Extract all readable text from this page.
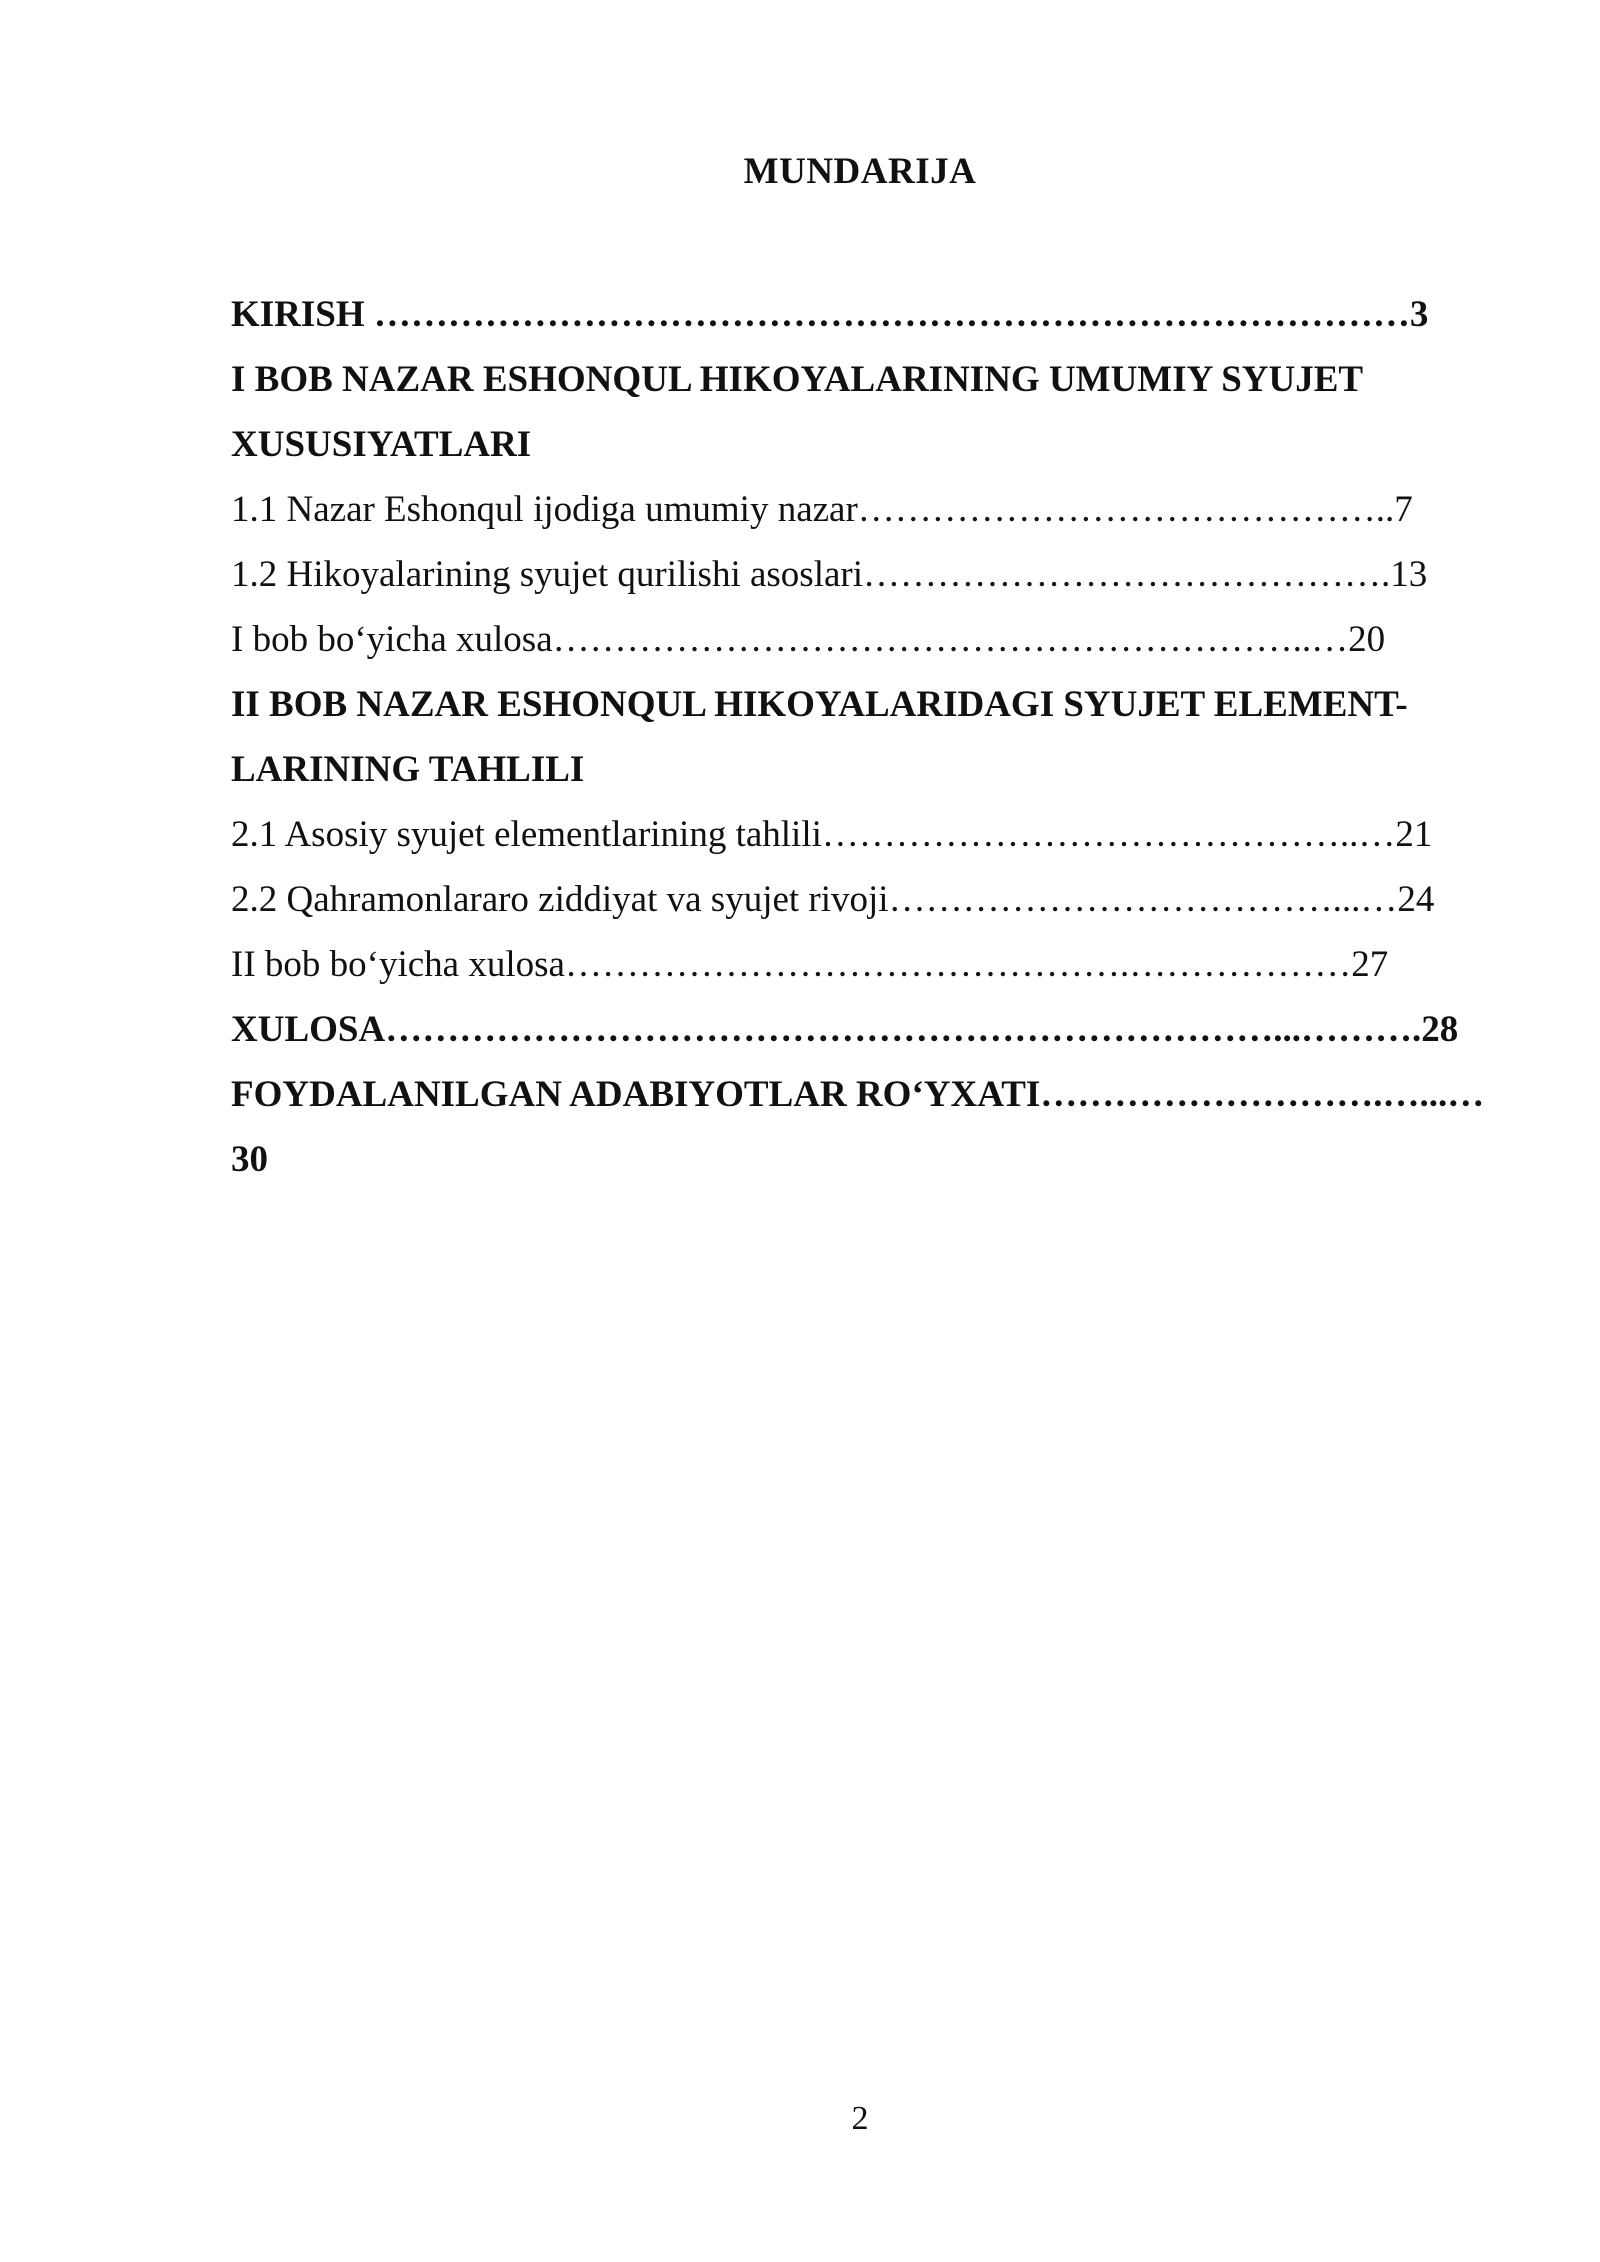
MUNDARIJA
KIRISH …………………………………………………………………………3
I BOB NAZAR ESHONQUL HIKOYALARINING UMUMIY SYUJET
XUSUSIYATLARI
1.1 Nazar Eshonqul ijodiga umumiy nazar……………………………………..7
1.2 Hikoyalarining syujet qurilishi asoslari…………………………………….13
I bob bo‘yicha xulosa……………………………………………………..…20
II BOB NAZAR ESHONQUL HIKOYALARIDAGI SYUJET ELEMENT-
LARINING TAHLILI
2.1 Asosiy syujet elementlarining tahlili……………………………………..…21
2.2 Qahramonlararo ziddiyat va syujet rivoji………………………………...…24
II bob bo‘yicha xulosa……………………………………….………………27
XULOSA………………………………………………………………...……….28
FOYDALANILGAN ADABIYOTLAR RO‘YXATI……………………….…...…
30
2
